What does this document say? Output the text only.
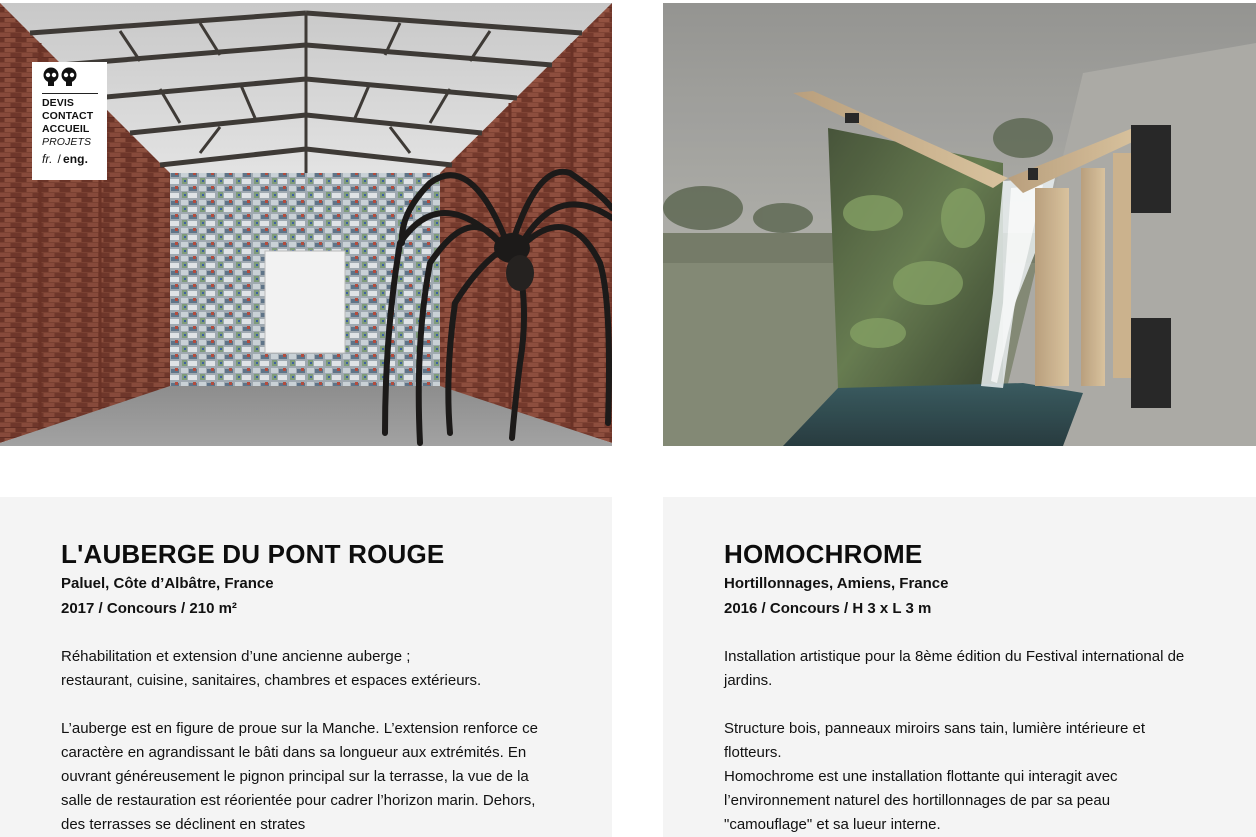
DEVIS
CONTACT
ACCUEIL
PROJETS
fr. / eng.
L'AUBERGE DU PONT ROUGE
Paluel, Côte d’Albâtre, France
2017 / Concours / 210 m²

Réhabilitation et extension d’une ancienne auberge ;
restaurant, cuisine, sanitaires, chambres et espaces extérieurs.

L’auberge est en figure de proue sur la Manche. L’extension renforce ce caractère en agrandissant le bâti dans sa longueur aux extrémités. En ouvrant généreusement le pignon principal sur la terrasse, la vue de la salle de restauration est réorientée pour cadrer l’horizon marin. Dehors, des terrasses se déclinent en strates

HOMOCHROME
Hortillonnages, Amiens, France
2016 / Concours / H 3 x L 3 m

Installation artistique pour la 8ème édition du Festival international de jardins.

Structure bois, panneaux miroirs sans tain, lumière intérieure et flotteurs.

Homochrome est une installation flottante qui interagit avec l’environnement naturel des hortillonnages de par sa peau "camouflage" et sa lueur interne.
